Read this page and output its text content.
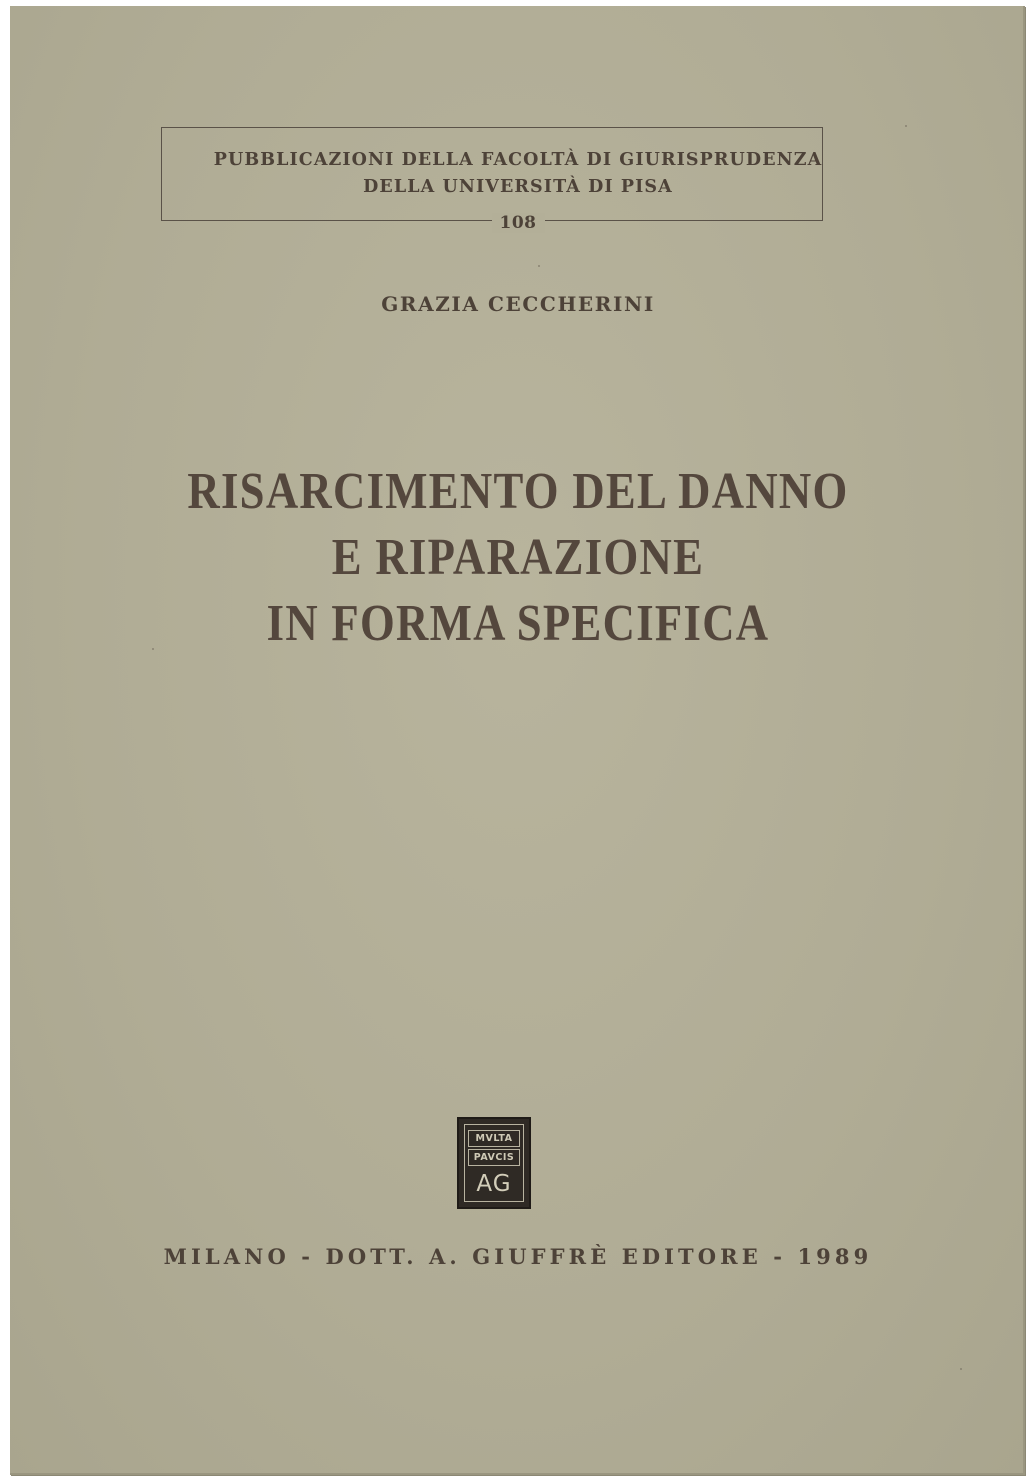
PUBBLICAZIONI DELLA FACOLTÀ DI GIURISPRUDENZA
DELLA UNIVERSITÀ DI PISA
108
GRAZIA CECCHERINI
RISARCIMENTO DEL DANNO
E RIPARAZIONE
IN FORMA SPECIFICA
MVLTA
PAVCIS
AG
MILANO - DOTT. A. GIUFFRÈ EDITORE - 1989
